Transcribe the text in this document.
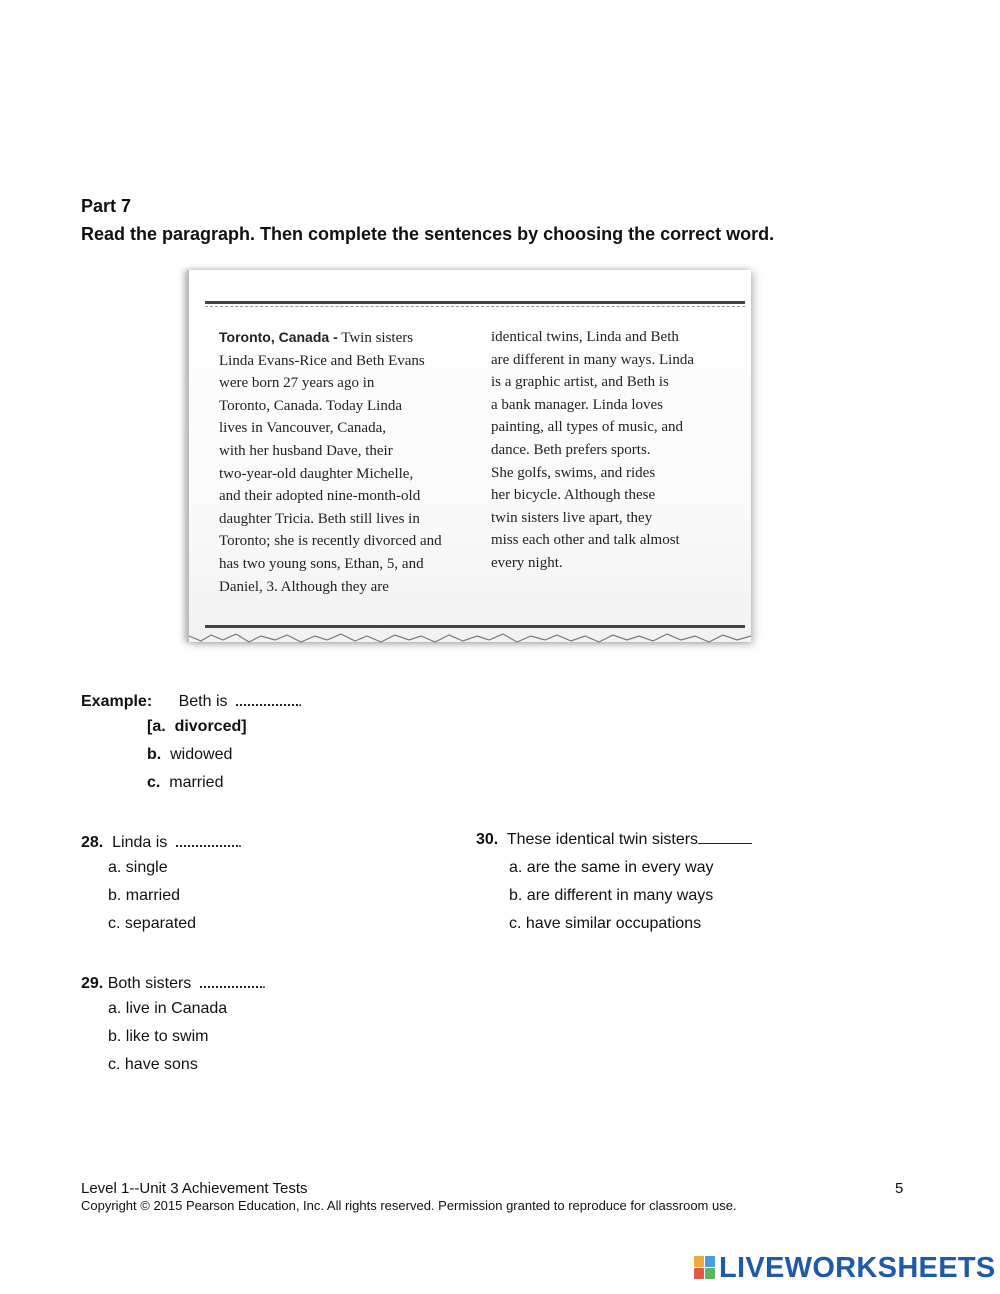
Part 7
Read the paragraph. Then complete the sentences by choosing the correct word.

Toronto, Canada - Twin sisters

Linda Evans-Rice and Beth Evans
were born 27 years ago in
Toronto, Canada. Today Linda
lives in Vancouver, Canada,
with her husband Dave, their
two-year-old daughter Michelle,
and their adopted nine-month-old
daughter Tricia. Beth still lives in
Toronto; she is recently divorced and
has two young sons, Ethan, 5, and
Daniel, 3. Although they are

identical twins, Linda and Beth
are different in many ways. Linda
is a graphic artist, and Beth is
a bank manager. Linda loves
painting, all types of music, and
dance. Beth prefers sports.
She golfs, swims, and rides
her bicycle. Although these
twin sisters live apart, they
miss each other and talk almost
every night.

Example: Beth is	.
[a. divorced]
b. widowed
c. married
28. Linda is	.
a. single
b. married
c. separated
30. These identical twin sisters
a. are the same in every way
b. are different in many ways
c. have similar occupations
29. Both sisters	.
a. live in Canada
b. like to swim
c. have sons
Level 1--Unit 3 Achievement Tests	5
Copyright © 2015 Pearson Education, Inc. All rights reserved. Permission granted to reproduce for classroom use.
LIVEWORKSHEETS
